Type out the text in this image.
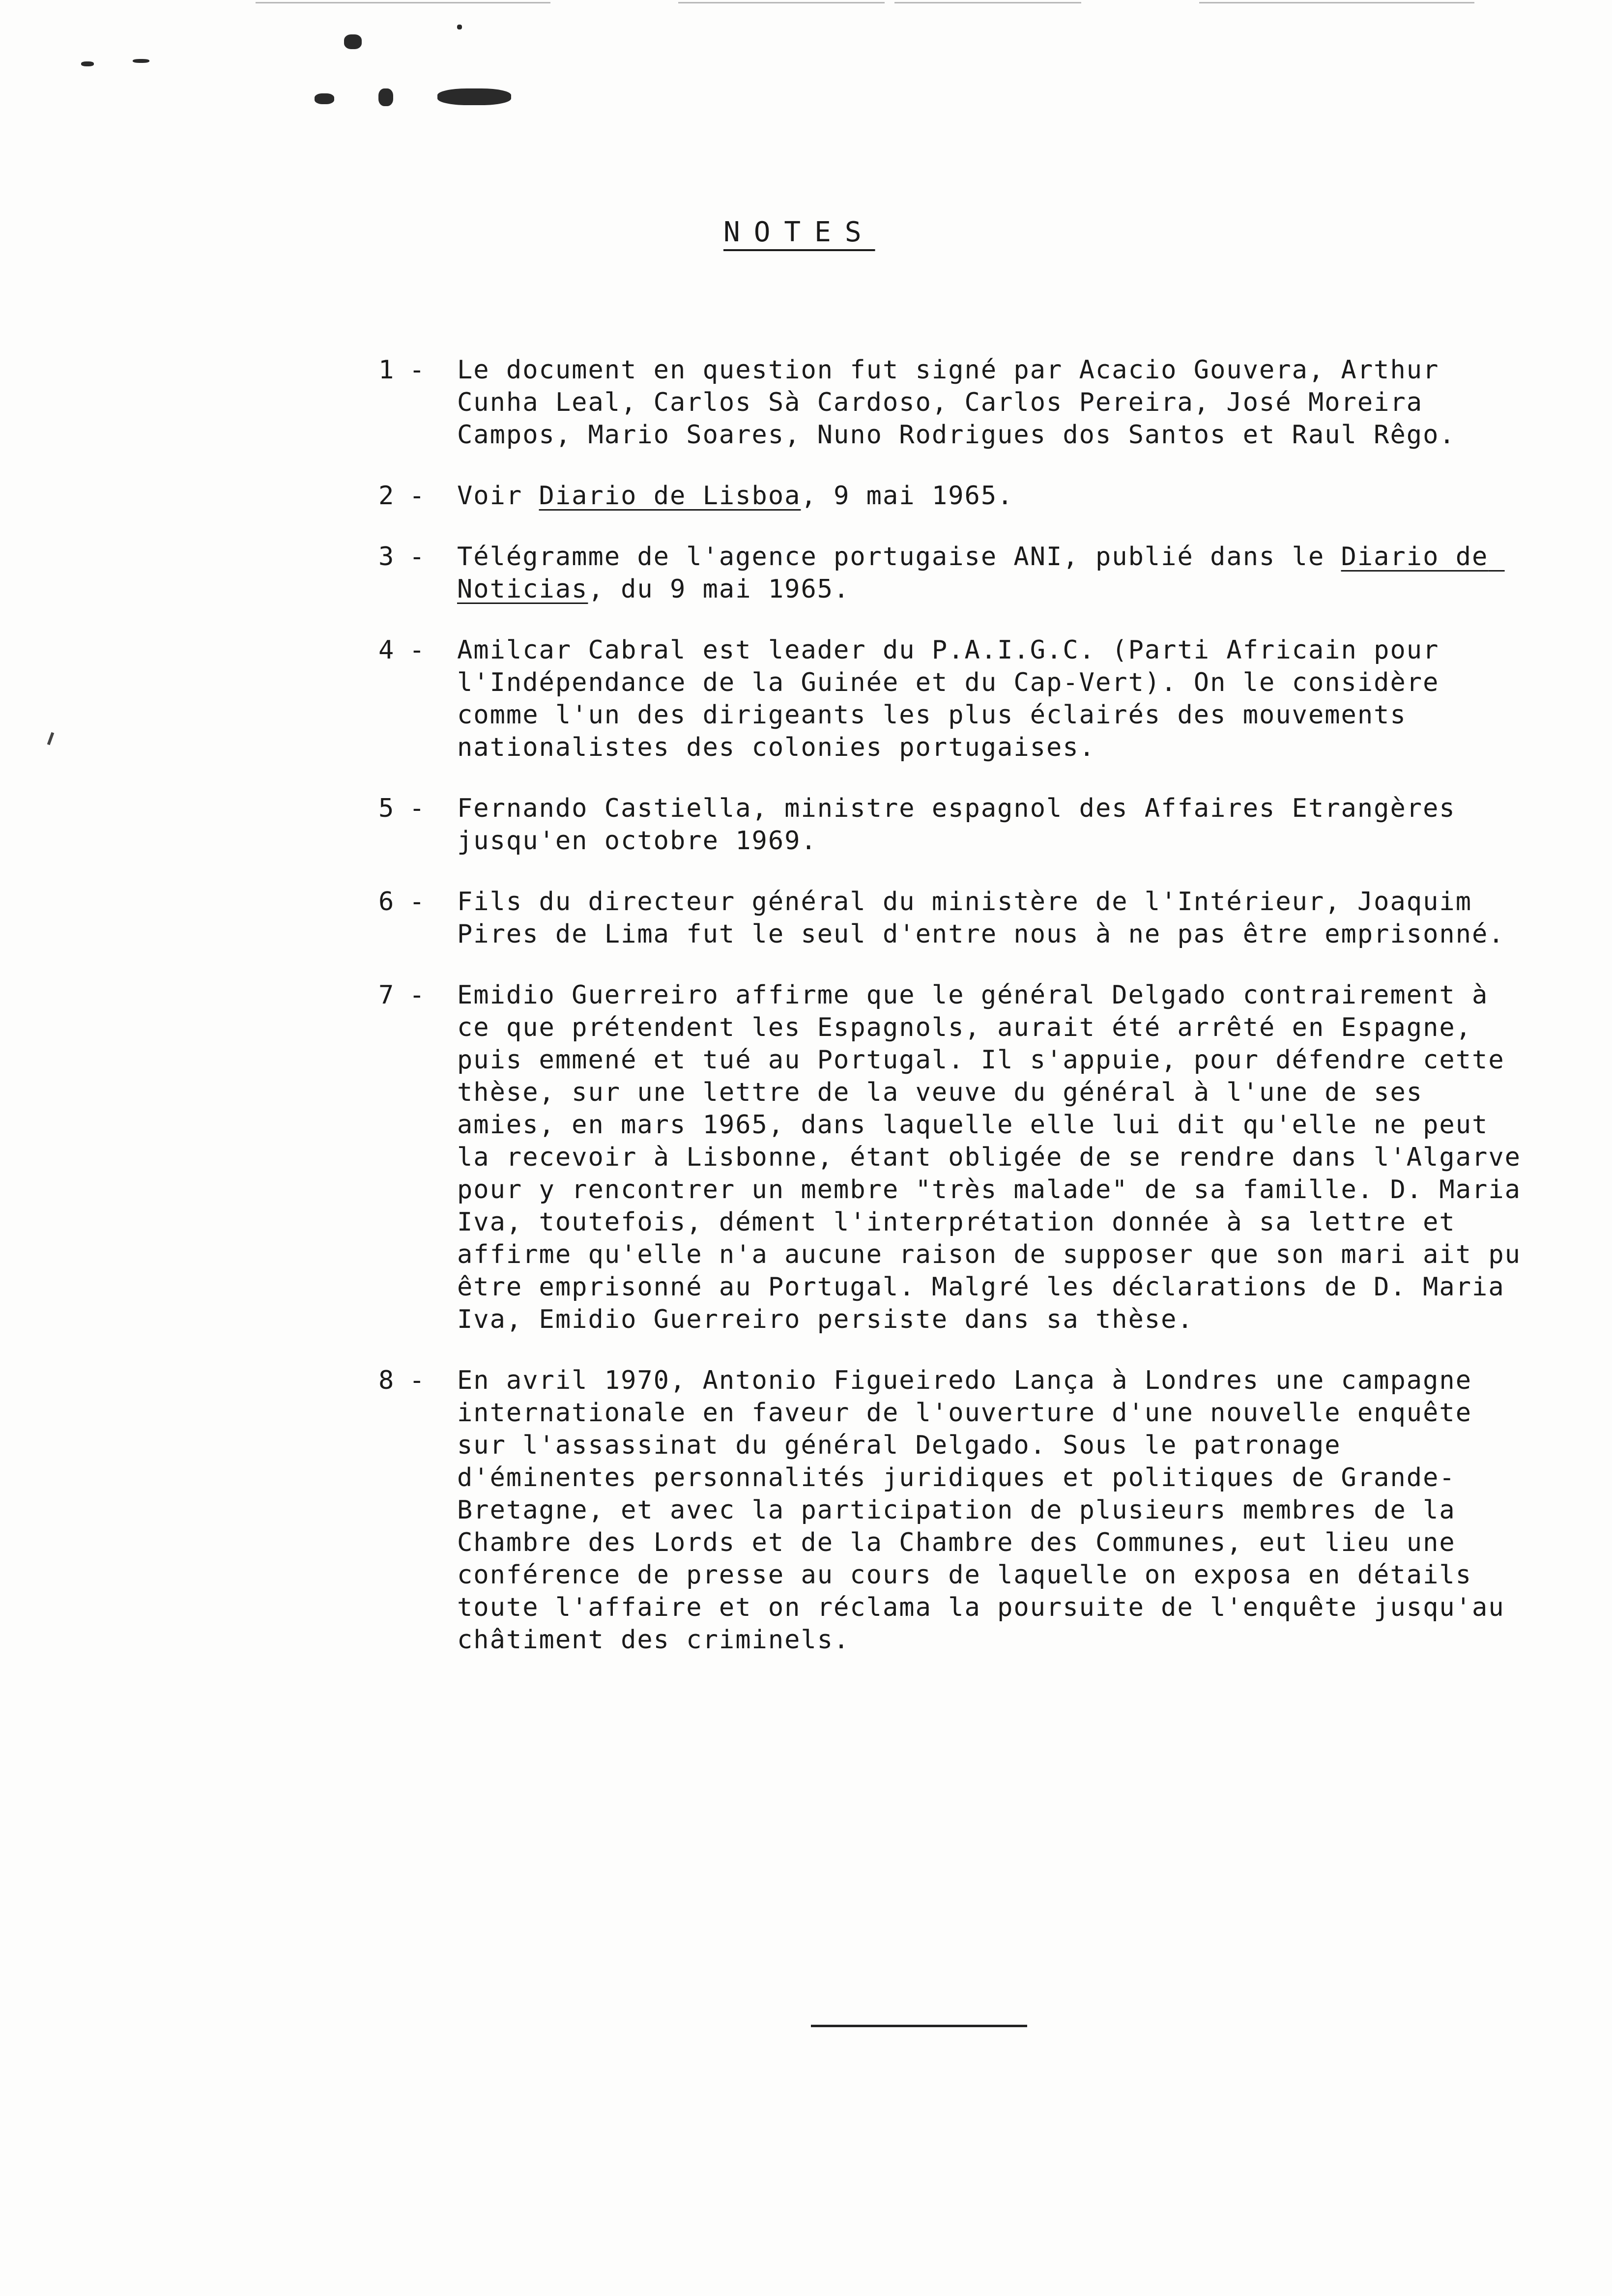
NOTES
1 -	Le document en question fut signé par Acacio Gouvera, Arthur Cunha Leal, Carlos Sà Cardoso, Carlos Pereira, José Moreira Campos, Mario Soares, Nuno Rodrigues dos Santos et Raul Rêgo.
2 -	Voir Diario de Lisboa, 9 mai 1965.
3 -	Télégramme de l'agence portugaise ANI, publié dans le Diario de Noticias, du 9 mai 1965.
4 -	Amilcar Cabral est leader du P.A.I.G.C. (Parti Africain pour l'Indépendance de la Guinée et du Cap-Vert). On le considère comme l'un des dirigeants les plus éclairés des mouvements nationalistes des colonies portugaises.
5 -	Fernando Castiella, ministre espagnol des Affaires Etrangères jusqu'en octobre 1969.
6 -	Fils du directeur général du ministère de l'Intérieur, Joaquim Pires de Lima fut le seul d'entre nous à ne pas être emprisonné.
7 -	Emidio Guerreiro affirme que le général Delgado contrairement à ce que prétendent les Espagnols, aurait été arrêté en Espagne, puis emmené et tué au Portugal. Il s'appuie, pour défendre cette thèse, sur une lettre de la veuve du général à l'une de ses amies, en mars 1965, dans laquelle elle lui dit qu'elle ne peut la recevoir à Lisbonne, étant obligée de se rendre dans l'Algarve pour y rencontrer un membre "très malade" de sa famille. D. Maria Iva, toutefois, dément l'interprétation donnée à sa lettre et affirme qu'elle n'a aucune raison de supposer que son mari ait pu être emprisonné au Portugal. Malgré les déclarations de D. Maria Iva, Emidio Guerreiro persiste dans sa thèse.
8 -	En avril 1970, Antonio Figueiredo Lança à Londres une campagne internationale en faveur de l'ouverture d'une nouvelle enquête sur l'assassinat du général Delgado. Sous le patronage d'éminentes personnalités juridiques et politiques de Grande-Bretagne, et avec la participation de plusieurs membres de la Chambre des Lords et de la Chambre des Communes, eut lieu une conférence de presse au cours de laquelle on exposa en détails toute l'affaire et on réclama la poursuite de l'enquête jusqu'au châtiment des criminels.
